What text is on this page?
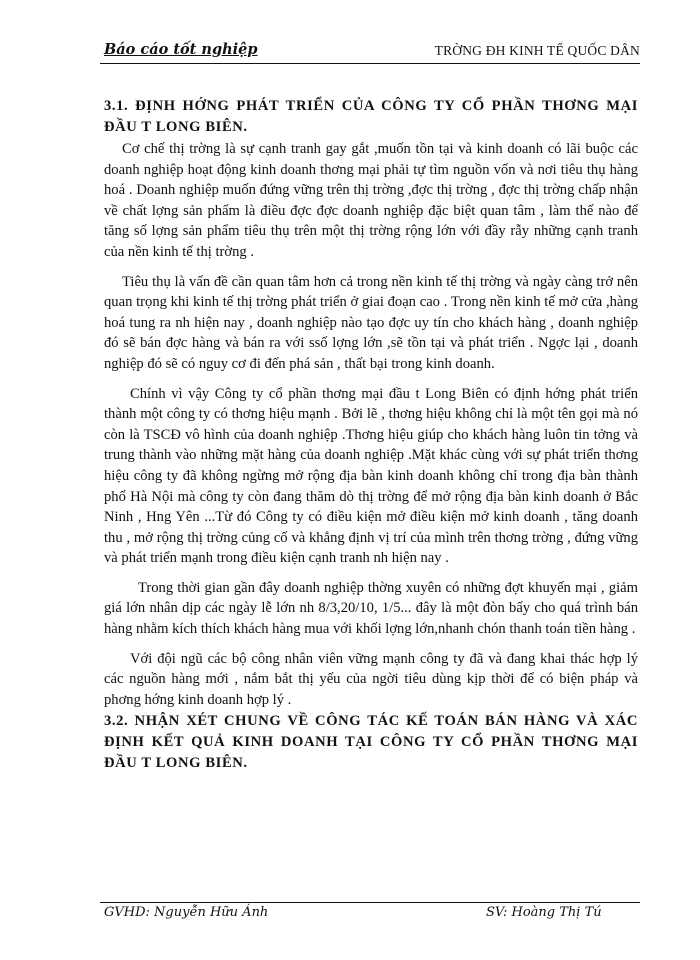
Báo cáo tốt nghiệp	TRỜNG ĐH KINH TẾ QUỐC DÂN

3.1. ĐỊNH HỚNG PHÁT TRIỂN CỦA CÔNG TY CỔ PHẦN THƠNG MẠI ĐẦU T LONG BIÊN.

Cơ chế thị trờng là sự cạnh tranh gay gắt ,muốn tồn tại và kinh doanh có lãi buộc các doanh nghiệp hoạt động kinh doanh thơng mại phải tự tìm nguồn vốn và nơi tiêu thụ hàng hoá . Doanh nghiệp muốn đứng vững trên thị trờng ,đợc thị trờng , đợc thị trờng chấp nhận về chất lợng sản phẩm là điều đợc đợc doanh nghiệp đặc biệt quan tâm , làm thế nào để tăng số lợng sản phẩm tiêu thụ trên một thị trờng rộng lớn với đầy rẫy những cạnh tranh của nền kinh tế thị trờng .

Tiêu thụ là vấn đề cần quan tâm hơn cả trong nền kinh tế thị trờng và ngày càng trở nên quan trọng khi kinh tế thị trờng phát triển ở giai đoạn cao . Trong nền kinh tế mở cửa ,hàng hoá tung ra nh hiện nay , doanh nghiệp nào tạo đợc uy tín cho khách hàng , doanh nghiệp đó sẽ bán đợc hàng và bán ra với ssố lợng lớn ,sẽ tồn tại và phát triển . Ngợc lại , doanh nghiệp đó sẽ có nguy cơ đi đến phá sản , thất bại trong kinh doanh.

Chính vì vậy Công ty cổ phần thơng mại đầu t Long Biên có định hớng phát triển thành một công ty có thơng hiệu mạnh . Bởi lẽ , thơng hiệu không chỉ là một tên gọi mà nó còn là TSCĐ vô hình của doanh nghiệp .Thơng hiệu giúp cho khách hàng luôn tin tởng và trung thành vào những mặt hàng của doanh nghiệp .Mặt khác cùng với sự phát triển thơng hiệu công ty đã không ngừng mở rộng địa bàn kinh doanh không chỉ trong địa bàn thành phố Hà Nội mà công ty còn đang thăm dò thị trờng để mở rộng địa bàn kinh doanh ở Bắc Ninh , Hng Yên ...Từ đó Công ty có điều kiện mở điều kiện mở kinh doanh , tăng doanh thu , mở rộng thị trờng củng cố và khẳng định vị trí của mình trên thơng trờng , đứng vững và phát triển mạnh trong điều kiện cạnh tranh nh hiện nay .

Trong thời gian gần đây doanh nghiệp thờng xuyên có những đợt khuyến mại , giảm giá lớn nhân dịp các ngày lễ lớn nh 8/3,20/10, 1/5... đây là một đòn bẩy cho quá trình bán hàng nhằm kích thích khách hàng mua với khối lợng lớn,nhanh chón thanh toán tiền hàng .

Với đội ngũ các bộ công nhân viên vững mạnh công ty đã và đang khai thác hợp lý các nguồn hàng mới , nắm bắt thị yếu của ngời tiêu dùng kịp thời để có biện pháp và phơng hớng kinh doanh hợp lý .

3.2. NHẬN XÉT CHUNG VỀ CÔNG TÁC KẾ TOÁN BÁN HÀNG VÀ XÁC ĐỊNH KẾT QUẢ KINH DOANH TẠI CÔNG TY CỔ PHẦN THƠNG MẠI ĐẦU T LONG BIÊN.

GVHD: Nguyễn Hữu Ánh	SV: Hoàng Thị Tú
